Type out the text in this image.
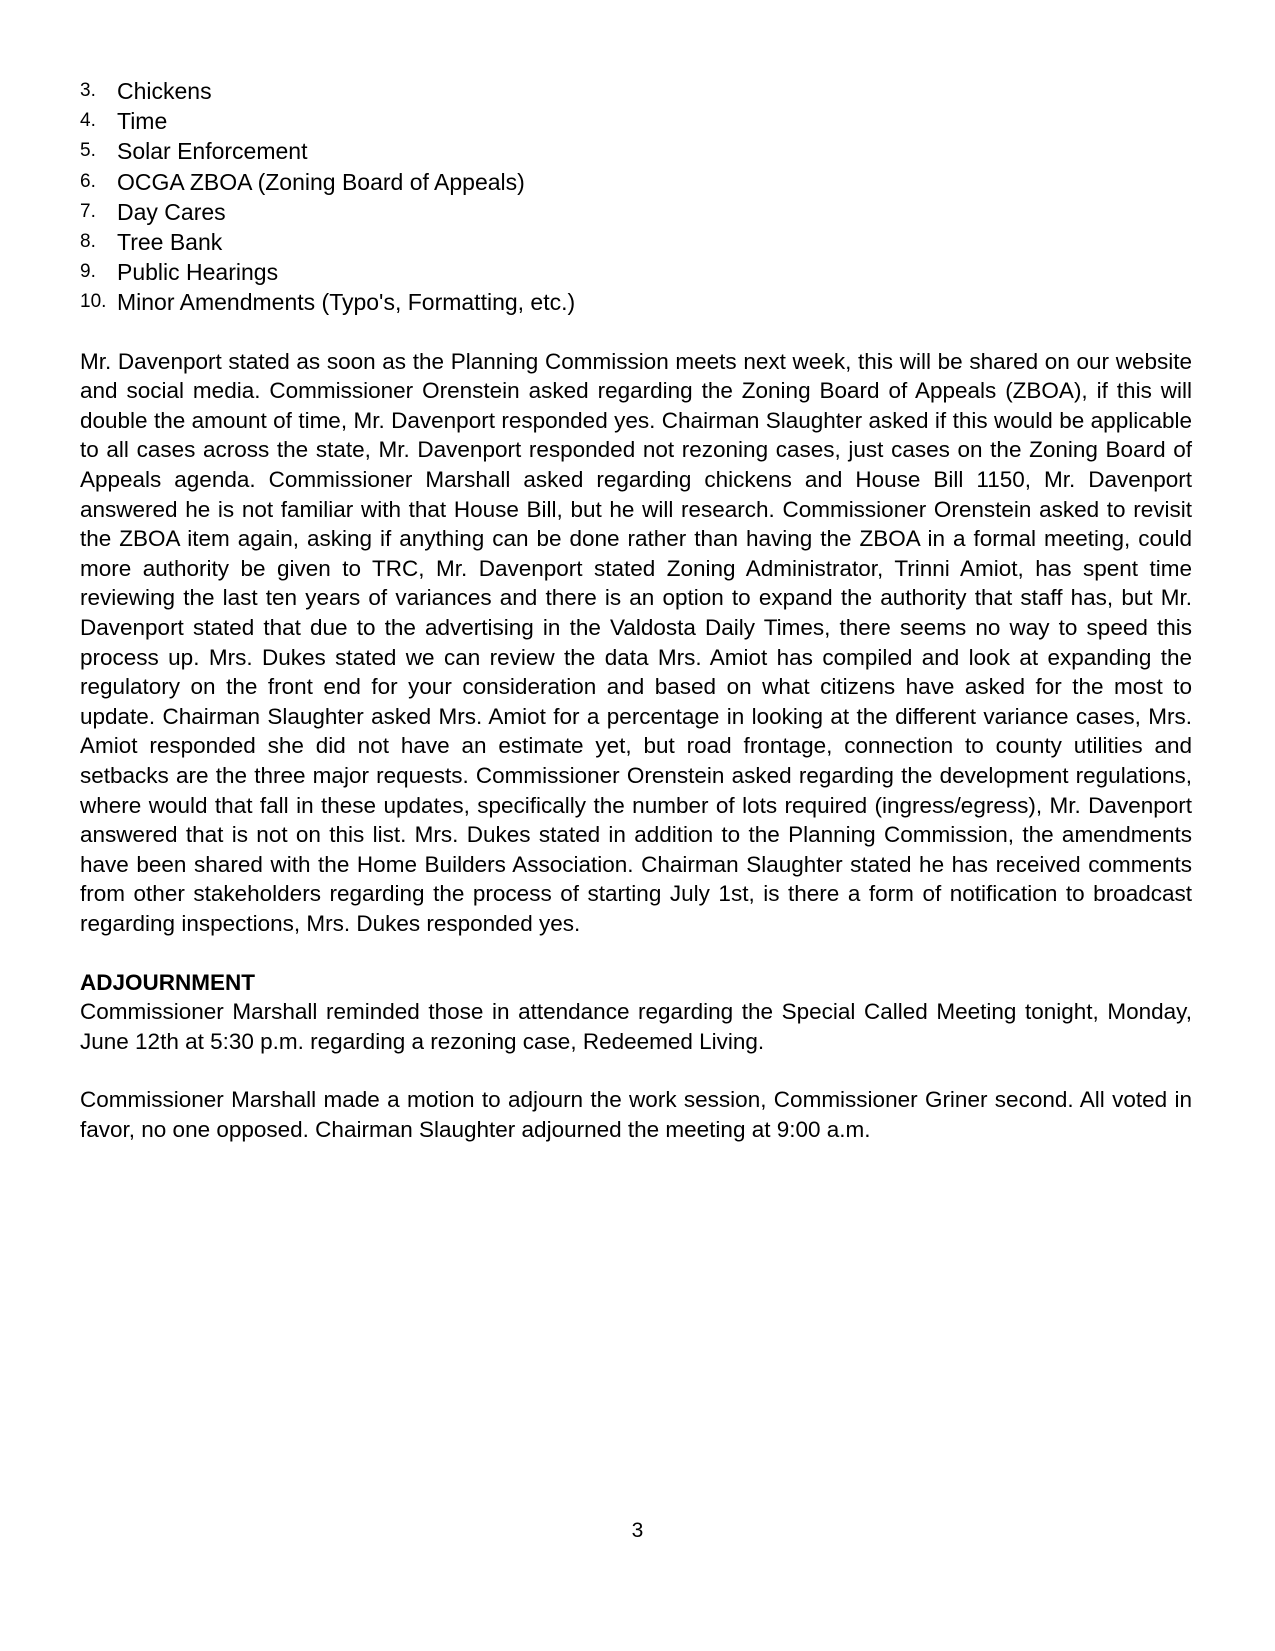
3. Chickens
4. Time
5. Solar Enforcement
6. OCGA ZBOA (Zoning Board of Appeals)
7. Day Cares
8. Tree Bank
9. Public Hearings
10. Minor Amendments (Typo's, Formatting, etc.)

Mr. Davenport stated as soon as the Planning Commission meets next week, this will be shared on our website and social media. Commissioner Orenstein asked regarding the Zoning Board of Appeals (ZBOA), if this will double the amount of time, Mr. Davenport responded yes. Chairman Slaughter asked if this would be applicable to all cases across the state, Mr. Davenport responded not rezoning cases, just cases on the Zoning Board of Appeals agenda. Commissioner Marshall asked regarding chickens and House Bill 1150, Mr. Davenport answered he is not familiar with that House Bill, but he will research. Commissioner Orenstein asked to revisit the ZBOA item again, asking if anything can be done rather than having the ZBOA in a formal meeting, could more authority be given to TRC, Mr. Davenport stated Zoning Administrator, Trinni Amiot, has spent time reviewing the last ten years of variances and there is an option to expand the authority that staff has, but Mr. Davenport stated that due to the advertising in the Valdosta Daily Times, there seems no way to speed this process up. Mrs. Dukes stated we can review the data Mrs. Amiot has compiled and look at expanding the regulatory on the front end for your consideration and based on what citizens have asked for the most to update. Chairman Slaughter asked Mrs. Amiot for a percentage in looking at the different variance cases, Mrs. Amiot responded she did not have an estimate yet, but road frontage, connection to county utilities and setbacks are the three major requests. Commissioner Orenstein asked regarding the development regulations, where would that fall in these updates, specifically the number of lots required (ingress/egress), Mr. Davenport answered that is not on this list. Mrs. Dukes stated in addition to the Planning Commission, the amendments have been shared with the Home Builders Association. Chairman Slaughter stated he has received comments from other stakeholders regarding the process of starting July 1st, is there a form of notification to broadcast regarding inspections, Mrs. Dukes responded yes.

ADJOURNMENT

Commissioner Marshall reminded those in attendance regarding the Special Called Meeting tonight, Monday, June 12th at 5:30 p.m. regarding a rezoning case, Redeemed Living.

Commissioner Marshall made a motion to adjourn the work session, Commissioner Griner second. All voted in favor, no one opposed. Chairman Slaughter adjourned the meeting at 9:00 a.m.

3
